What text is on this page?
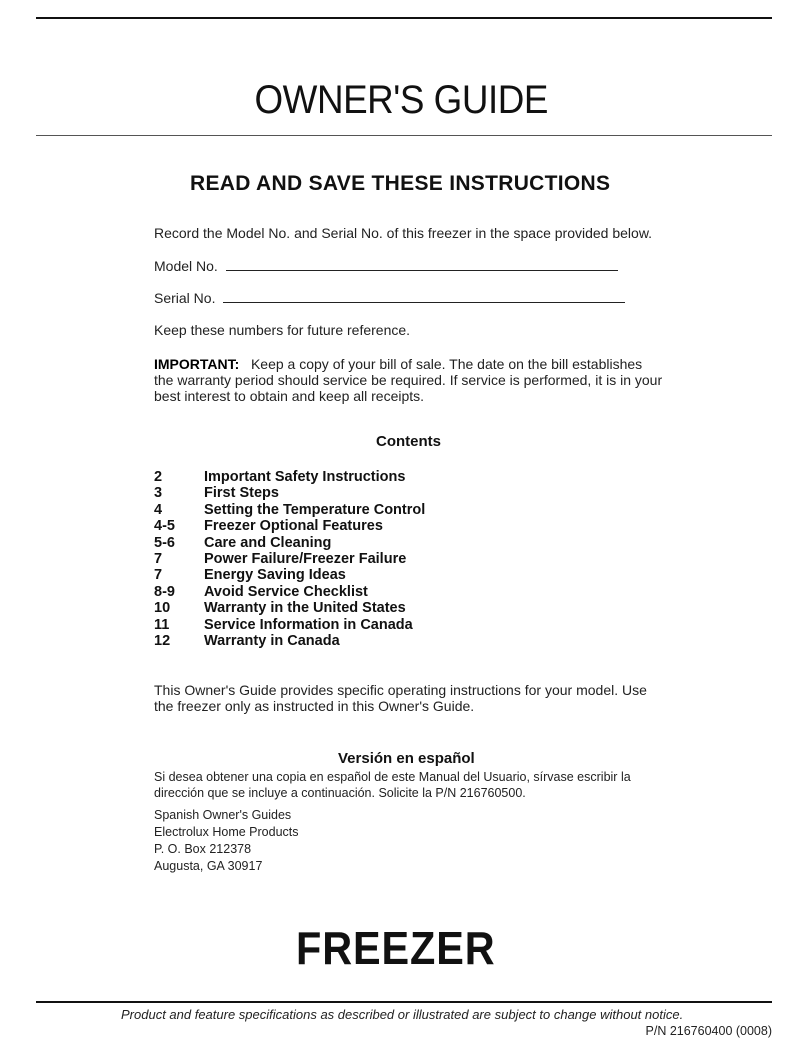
OWNER'S GUIDE
READ AND SAVE THESE INSTRUCTIONS

Record the Model No. and Serial No. of this freezer in the space provided below.

Model No.
Serial No.

Keep these numbers for future reference.

IMPORTANT: Keep a copy of your bill of sale. The date on the bill establishes
the warranty period should service be required. If service is performed, it is in your
best interest to obtain and keep all receipts.
Contents
2	Important Safety Instructions
3	First Steps
4	Setting the Temperature Control
4-5	Freezer Optional Features
5-6	Care and Cleaning
7	Power Failure/Freezer Failure
7	Energy Saving Ideas
8-9	Avoid Service Checklist
10	Warranty in the United States
11	Service Information in Canada
12	Warranty in Canada
This Owner's Guide provides specific operating instructions for your model. Use
the freezer only as instructed in this Owner's Guide.
Versión en español
Si desea obtener una copia en español de este Manual del Usuario, sírvase escribir la
dirección que se incluye a continuación. Solicite la P/N 216760500.
Spanish Owner's Guides
Electrolux Home Products
P. O. Box 212378
Augusta, GA 30917
FREEZER

Product and feature specifications as described or illustrated are subject to change without notice.

P/N 216760400 (0008)
